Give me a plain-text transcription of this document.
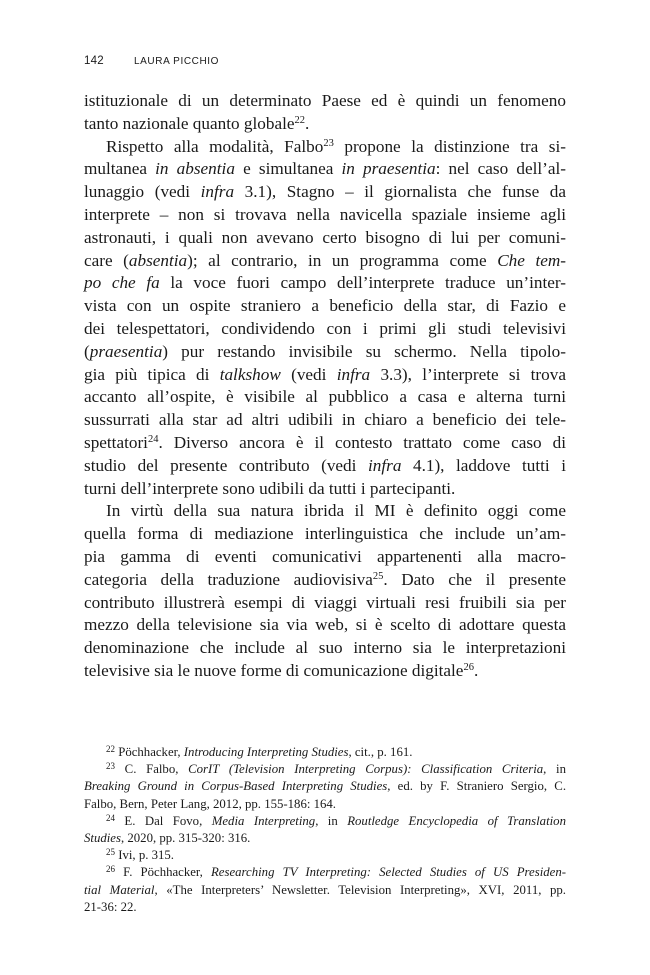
142	LAURA PICCHIO
istituzionale di un determinato Paese ed è quindi un fenomeno
tanto nazionale quanto globale$^{22}$.
Rispetto alla modalità, Falbo$^{23}$ propone la distinzione tra si-
multanea in absentia e simultanea in praesentia: nel caso dell’al-
lunaggio (vedi infra 3.1), Stagno – il giornalista che funse da
interprete – non si trovava nella navicella spaziale insieme agli
astronauti, i quali non avevano certo bisogno di lui per comuni-
care (absentia); al contrario, in un programma come Che tem-
po che fa la voce fuori campo dell’interprete traduce un’inter-
vista con un ospite straniero a beneficio della star, di Fazio e
dei telespettatori, condividendo con i primi gli studi televisivi
(praesentia) pur restando invisibile su schermo. Nella tipolo-
gia più tipica di talkshow (vedi infra 3.3), l’interprete si trova
accanto all’ospite, è visibile al pubblico a casa e alterna turni
sussurrati alla star ad altri udibili in chiaro a beneficio dei tele-
spettatori$^{24}$. Diverso ancora è il contesto trattato come caso di
studio del presente contributo (vedi infra 4.1), laddove tutti i
turni dell’interprete sono udibili da tutti i partecipanti.
In virtù della sua natura ibrida il MI è definito oggi come
quella forma di mediazione interlinguistica che include un’am-
pia gamma di eventi comunicativi appartenenti alla macro-
categoria della traduzione audiovisiva$^{25}$. Dato che il presente
contributo illustrerà esempi di viaggi virtuali resi fruibili sia per
mezzo della televisione sia via web, si è scelto di adottare questa
denominazione che include al suo interno sia le interpretazioni
televisive sia le nuove forme di comunicazione digitale$^{26}$.
$^{22}$ Pöchhacker, Introducing Interpreting Studies, cit., p. 161.
$^{23}$ C. Falbo, CorIT (Television Interpreting Corpus): Classification Criteria, in
Breaking Ground in Corpus-Based Interpreting Studies, ed. by F. Straniero Sergio, C.
Falbo, Bern, Peter Lang, 2012, pp. 155-186: 164.
$^{24}$ E. Dal Fovo, Media Interpreting, in Routledge Encyclopedia of Translation
Studies, 2020, pp. 315-320: 316.
$^{25}$ Ivi, p. 315.
$^{26}$ F. Pöchhacker, Researching TV Interpreting: Selected Studies of US Presiden-
tial Material, «The Interpreters’ Newsletter. Television Interpreting», XVI, 2011, pp.
21-36: 22.
